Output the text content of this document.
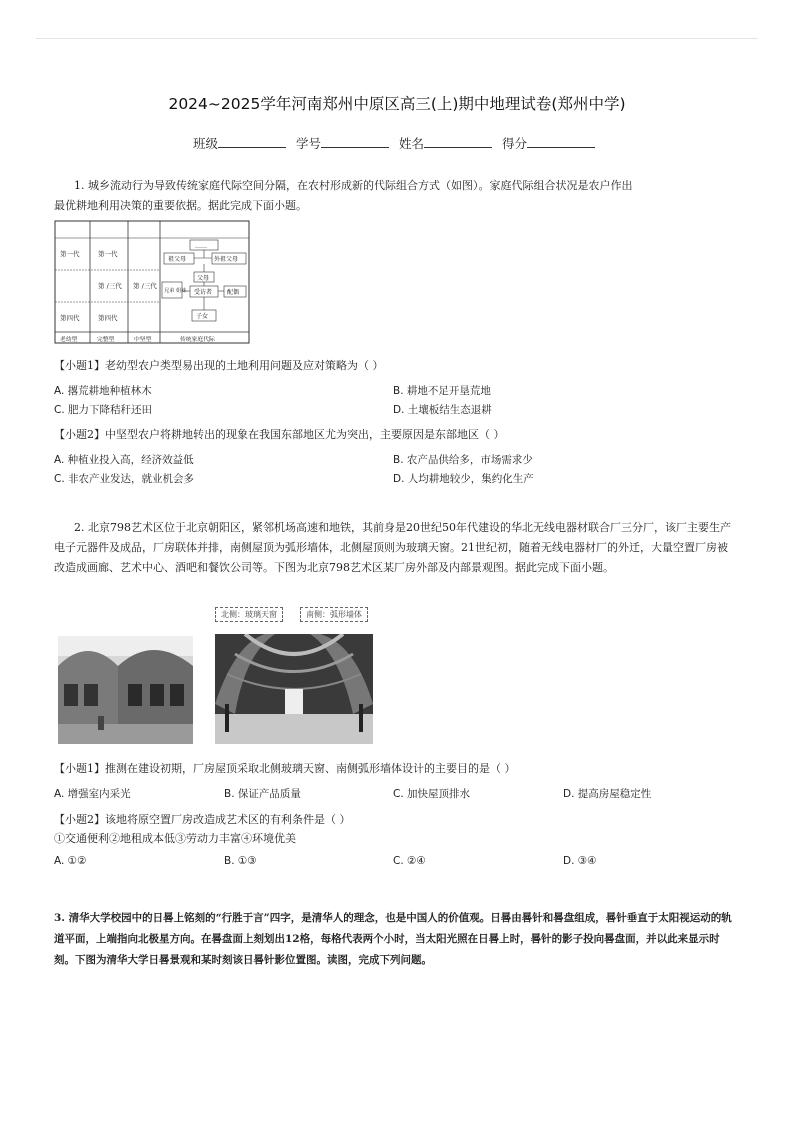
2024~2025学年河南郑州中原区高三(上)期中地理试卷(郑州中学)
班级	学号	姓名	得分
1. 城乡流动行为导致传统家庭代际空间分隔，在农村形成新的代际组合方式（如图）。家庭代际组合状况是农户作出
最优耕地利用决策的重要依据。据此完成下面小题。
第一代
第四代
第一代
第 /三代
第四代
第 /三代
老幼型	完整型	中坚型	传统家庭代际
……
祖父母	外祖父母
父母
兄弟 姐妹 受访者 配偶
子女
【小题1】老幼型农户类型易出现的土地利用问题及应对策略为（ ）
A. 撂荒耕地种植林木	B. 耕地不足开垦荒地
C. 肥力下降秸秆还田	D. 土壤板结生态退耕
【小题2】中坚型农户将耕地转出的现象在我国东部地区尤为突出，主要原因是东部地区（ ）
A. 种植业投入高，经济效益低	B. 农产品供给多，市场需求少
C. 非农产业发达，就业机会多	D. 人均耕地较少，集约化生产
2. 北京798艺术区位于北京朝阳区，紧邻机场高速和地铁，其前身是20世纪50年代建设的华北无线电器材联合厂三分厂，该厂主要生产电子元器件及成品，厂房联体并排，南侧屋顶为弧形墙体，北侧屋顶则为玻璃天窗。21世纪初，随着无线电器材厂的外迁，大量空置厂房被改造成画廊、艺术中心、酒吧和餐饮公司等。下图为北京798艺术区某厂房外部及内部景观图。据此完成下面小题。
北侧：玻璃天窗	南侧：弧形墙体
【小题1】推测在建设初期，厂房屋顶采取北侧玻璃天窗、南侧弧形墙体设计的主要目的是（ ）
A. 增强室内采光	B. 保证产品质量	C. 加快屋顶排水	D. 提高房屋稳定性
【小题2】该地将原空置厂房改造成艺术区的有利条件是（ ）
①交通便利②地租成本低③劳动力丰富④环境优美
A. ①②	B. ①③	C. ②④	D. ③④
3. 清华大学校园中的日晷上铭刻的“行胜于言”四字，是清华人的理念，也是中国人的价值观。日晷由晷针和晷盘组成，晷针垂直于太阳视运动的轨道平面，上端指向北极星方向。在晷盘面上刻划出12格，每格代表两个小时，当太阳光照在日晷上时，晷针的影子投向晷盘面，并以此来显示时刻。下图为清华大学日晷景观和某时刻该日晷针影位置图。读图，完成下列问题。
